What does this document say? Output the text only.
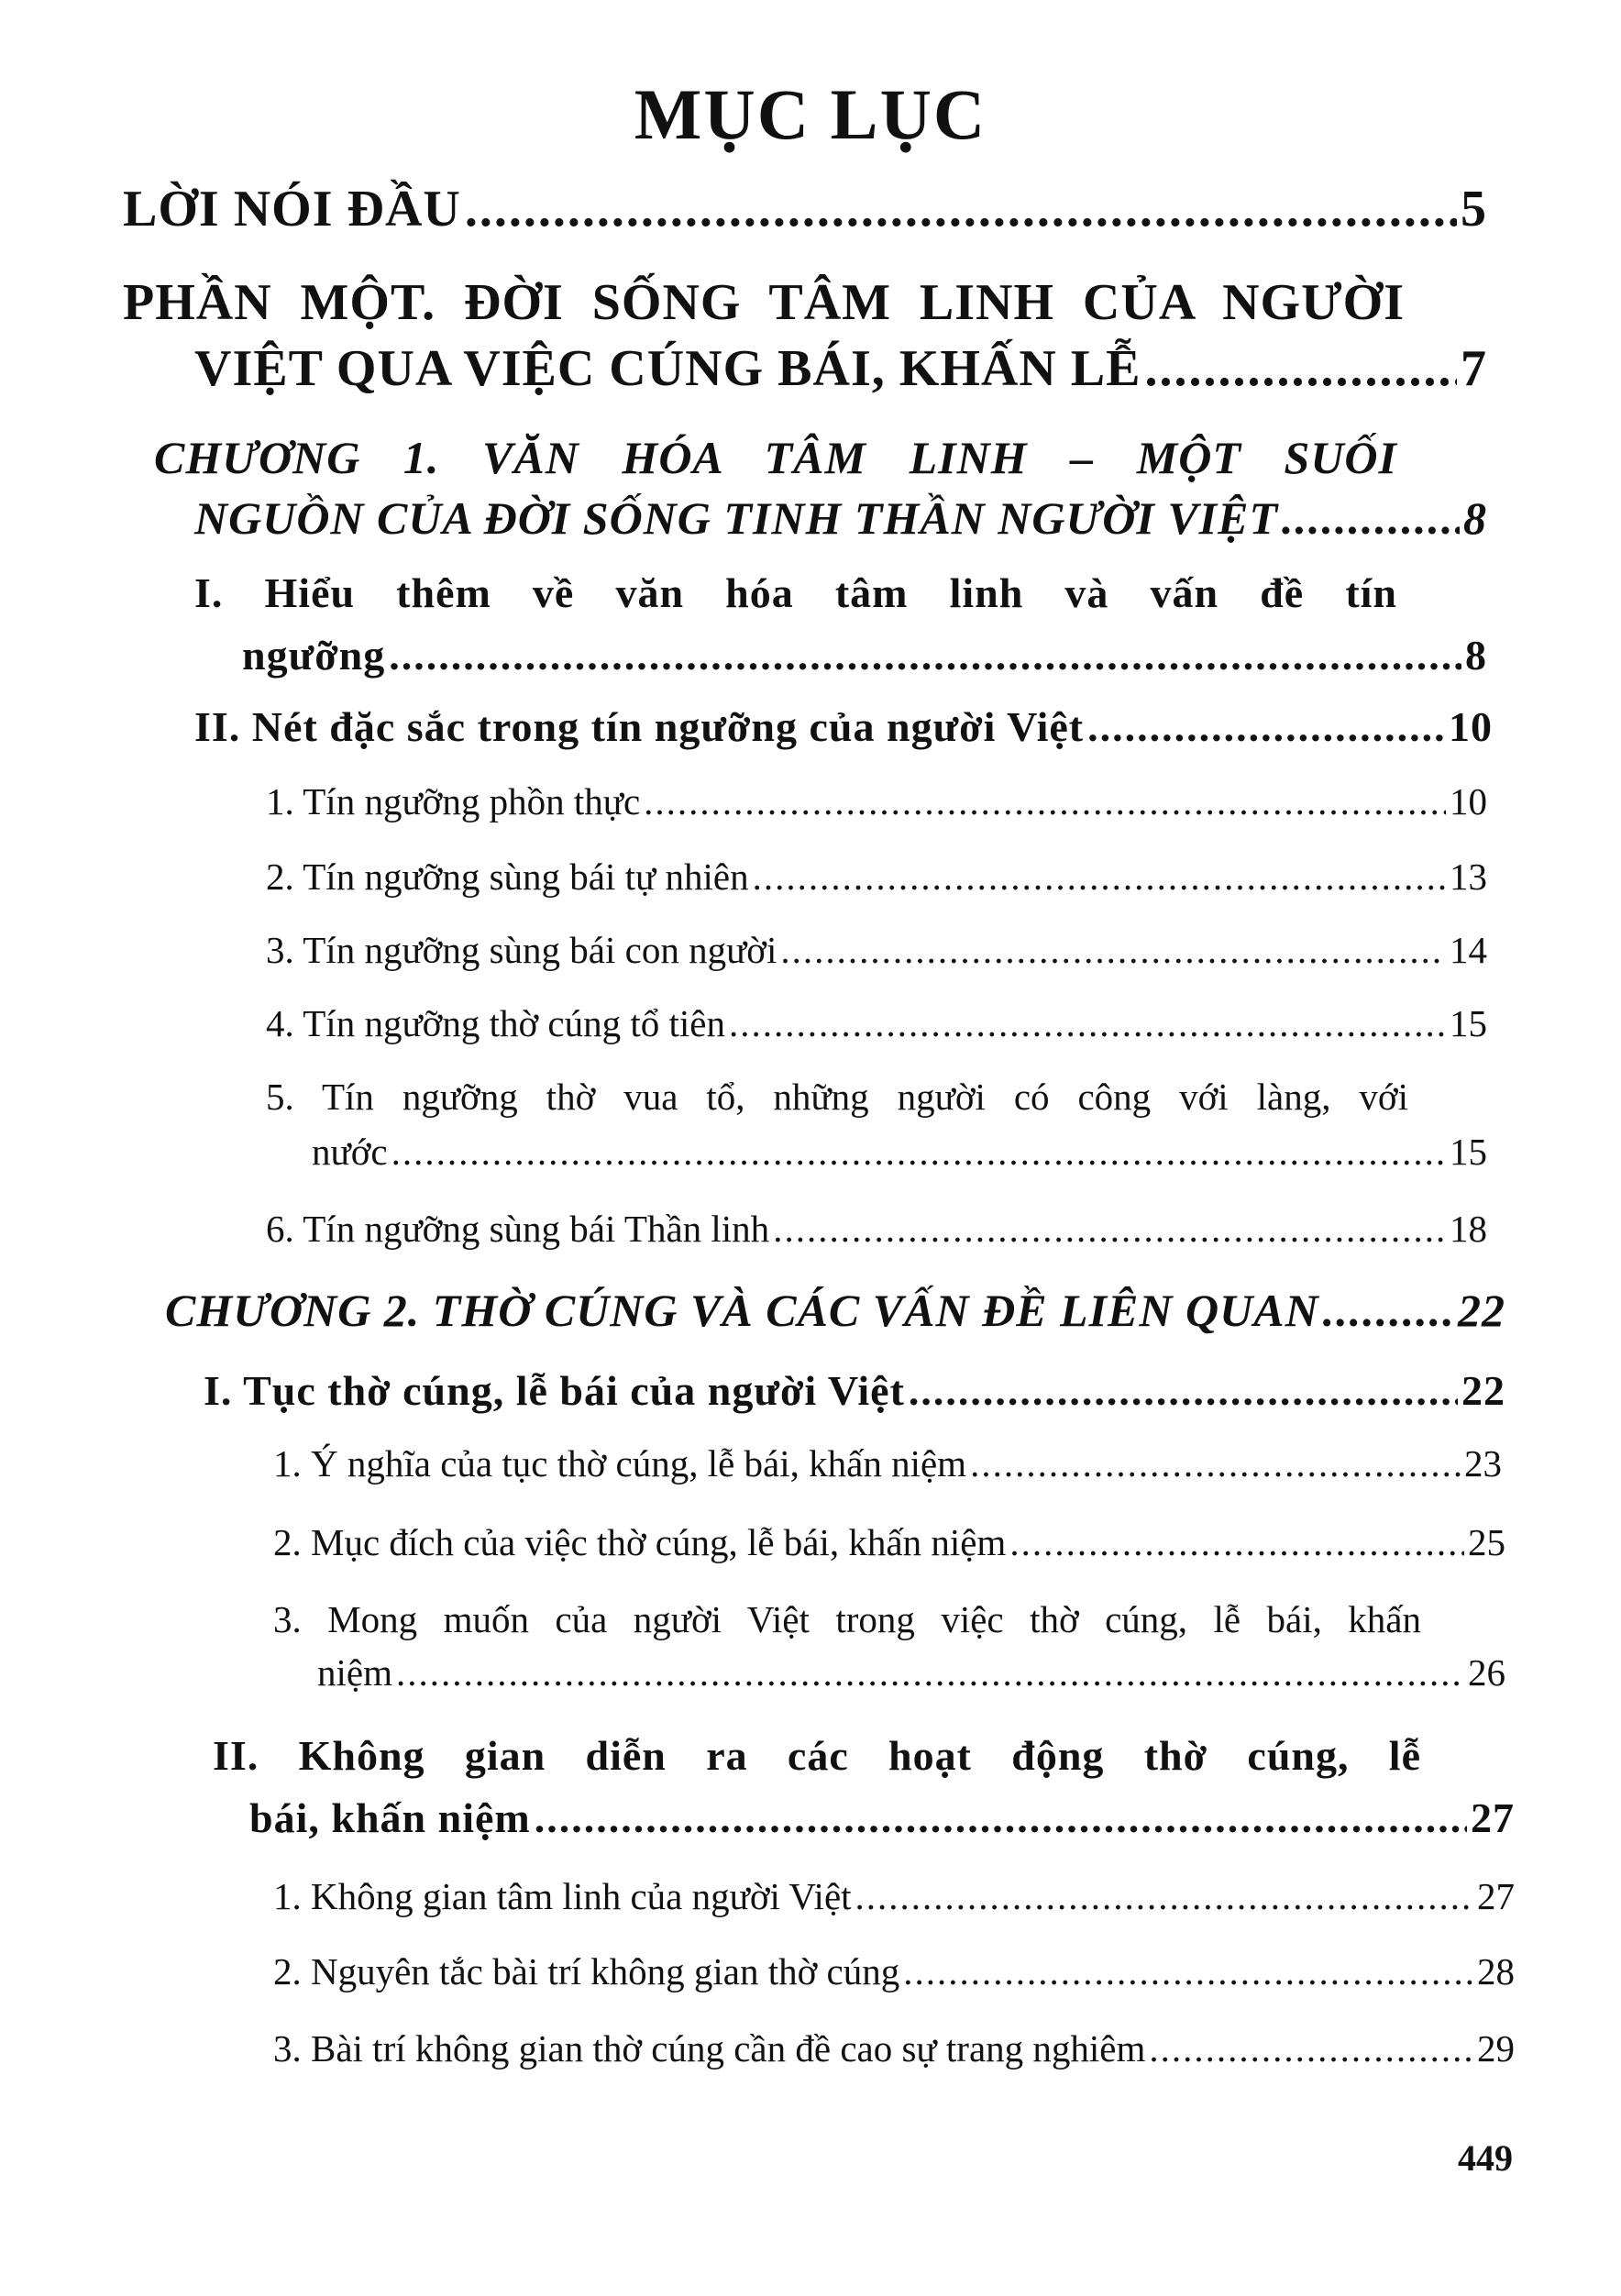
MỤC LỤC
LỜI NÓI ĐẦU .....	5
PHẦN MỘT. ĐỜI SỐNG TÂM LINH CỦA NGƯỜI
VIỆT QUA VIỆC CÚNG BÁI, KHẤN LỄ .....	7
CHƯƠNG 1. VĂN HÓA TÂM LINH – MỘT SUỐI
NGUỒN CỦA ĐỜI SỐNG TINH THẦN NGƯỜI VIỆT .....	8
I. Hiểu thêm về văn hóa tâm linh và vấn đề tín
ngưỡng .....	8
II. Nét đặc sắc trong tín ngưỡng của người Việt .....	10
1. Tín ngưỡng phồn thực .....	10
2. Tín ngưỡng sùng bái tự nhiên .....	13
3. Tín ngưỡng sùng bái con người .....	14
4. Tín ngưỡng thờ cúng tổ tiên .....	15
5. Tín ngưỡng thờ vua tổ, những người có công với làng, với
nước .....	15
6. Tín ngưỡng sùng bái Thần linh .....	18
CHƯƠNG 2. THỜ CÚNG VÀ CÁC VẤN ĐỀ LIÊN QUAN .....	22
I. Tục thờ cúng, lễ bái của người Việt .....	22
1. Ý nghĩa của tục thờ cúng, lễ bái, khấn niệm .....	23
2. Mục đích của việc thờ cúng, lễ bái, khấn niệm .....	25
3. Mong muốn của người Việt trong việc thờ cúng, lễ bái, khấn
niệm .....	26
II. Không gian diễn ra các hoạt động thờ cúng, lễ
bái, khấn niệm .....	27
1. Không gian tâm linh của người Việt .....	27
2. Nguyên tắc bài trí không gian thờ cúng .....	28
3. Bài trí không gian thờ cúng cần đề cao sự trang nghiêm .....	29
449
